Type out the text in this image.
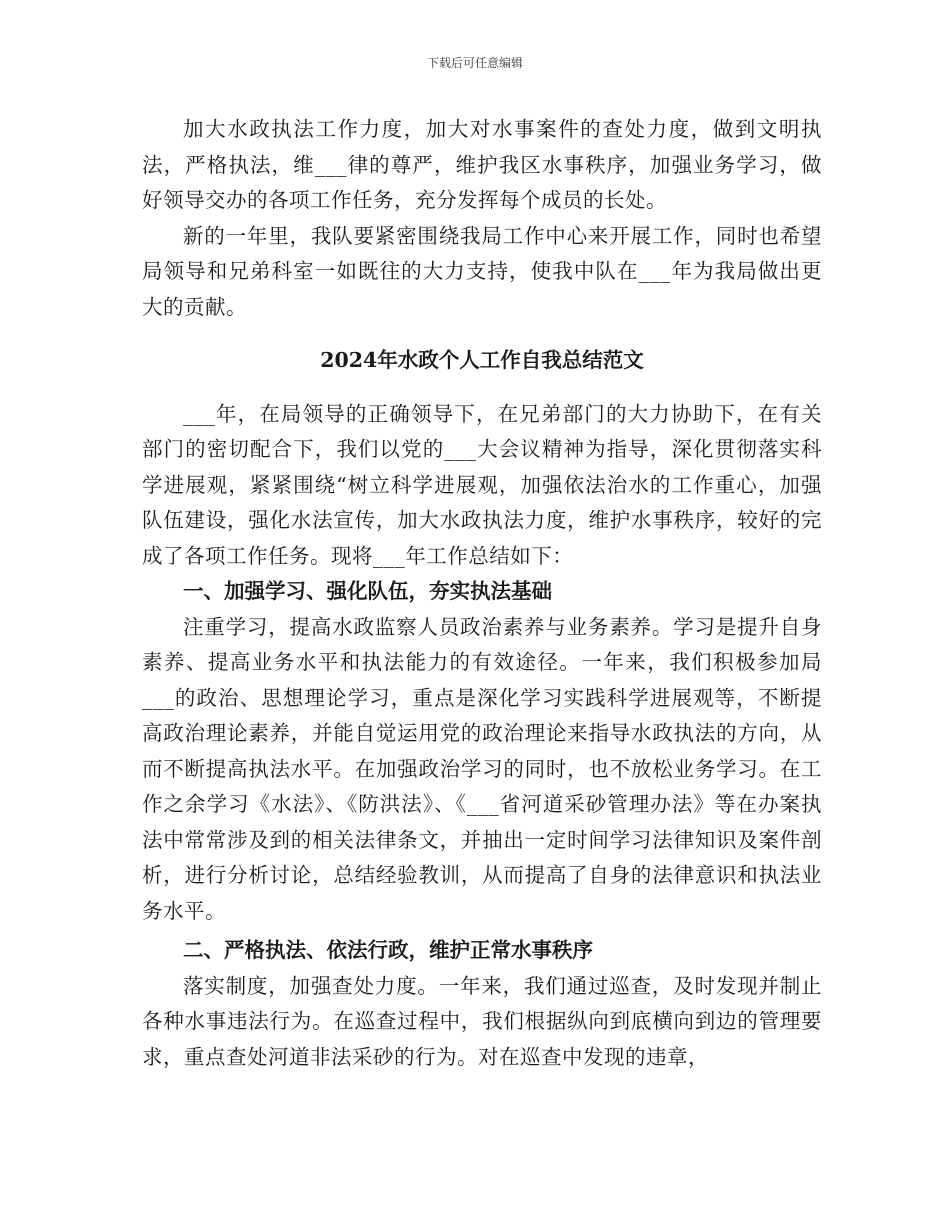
下载后可任意编辑

加大水政执法工作力度，加大对水事案件的查处力度，做到文明执法，严格执法，维___律的尊严，维护我区水事秩序，加强业务学习，做好领导交办的各项工作任务，充分发挥每个成员的长处。

新的一年里，我队要紧密围绕我局工作中心来开展工作，同时也希望局领导和兄弟科室一如既往的大力支持，使我中队在___年为我局做出更大的贡献。

2024年水政个人工作自我总结范文

___年，在局领导的正确领导下，在兄弟部门的大力协助下，在有关部门的密切配合下，我们以党的___大会议精神为指导，深化贯彻落实科学进展观，紧紧围绕“树立科学进展观，加强依法治水的工作重心，加强队伍建设，强化水法宣传，加大水政执法力度，维护水事秩序，较好的完成了各项工作任务。现将___年工作总结如下：

一、加强学习、强化队伍，夯实执法基础

注重学习，提高水政监察人员政治素养与业务素养。学习是提升自身素养、提高业务水平和执法能力的有效途径。一年来，我们积极参加局___的政治、思想理论学习，重点是深化学习实践科学进展观等，不断提高政治理论素养，并能自觉运用党的政治理论来指导水政执法的方向，从而不断提高执法水平。在加强政治学习的同时，也不放松业务学习。在工作之余学习《水法》、《防洪法》、《___省河道采砂管理办法》等在办案执法中常常涉及到的相关法律条文，并抽出一定时间学习法律知识及案件剖析，进行分析讨论，总结经验教训，从而提高了自身的法律意识和执法业务水平。

二、严格执法、依法行政，维护正常水事秩序

落实制度，加强查处力度。一年来，我们通过巡查，及时发现并制止各种水事违法行为。在巡查过程中，我们根据纵向到底横向到边的管理要求，重点查处河道非法采砂的行为。对在巡查中发现的违章，
